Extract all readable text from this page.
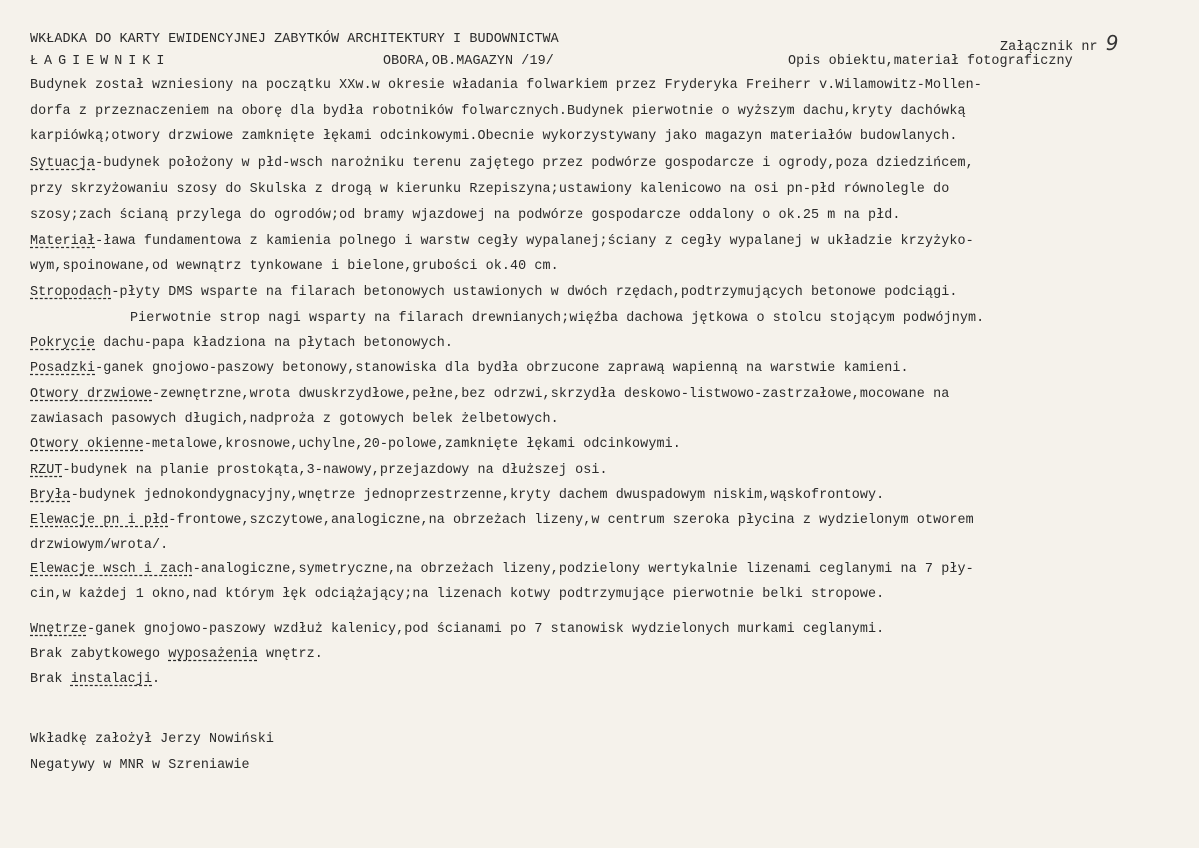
WKŁADKA DO KARTY EWIDENCYJNEJ ZABYTKÓW ARCHITEKTURY I BUDOWNICTWA

Załącznik nr 9

ŁAGIEWNIKI	OBORA,OB.MAGAZYN /19/	Opis obiektu,materiał fotograficzny

Budynek został wzniesiony na początku XXw.w okresie władania folwarkiem przez Fryderyka Freiherr v.Wilamowitz-Mollen-

dorfa z przeznaczeniem na oborę dla bydła robotników folwarcznych.Budynek pierwotnie o wyższym dachu,kryty dachówką

karpiówką;otwory drzwiowe zamknięte łękami odcinkowymi.Obecnie wykorzystywany jako magazyn materiałów budowlanych.

Sytuacja-budynek położony w płd-wsch narożniku terenu zajętego przez podwórze gospodarcze i ogrody,poza dziedzińcem,

przy skrzyżowaniu szosy do Skulska z drogą w kierunku Rzepiszyna;ustawiony kalenicowo na osi pn-płd równolegle do

szosy;zach ścianą przylega do ogrodów;od bramy wjazdowej na podwórze gospodarcze oddalony o ok.25 m na płd.

Materiał-ława fundamentowa z kamienia polnego i warstw cegły wypalanej;ściany z cegły wypalanej w układzie krzyżyko-

wym,spoinowane,od wewnątrz tynkowane i bielone,grubości ok.40 cm.

Stropodach-płyty DMS wsparte na filarach betonowych ustawionych w dwóch rzędach,podtrzymujących betonowe podciągi.

Pierwotnie strop nagi wsparty na filarach drewnianych;więźba dachowa jętkowa o stolcu stojącym podwójnym.

Pokrycie dachu-papa kładziona na płytach betonowych.

Posadzki-ganek gnojowo-paszowy betonowy,stanowiska dla bydła obrzucone zaprawą wapienną na warstwie kamieni.

Otwory drzwiowe-zewnętrzne,wrota dwuskrzydłowe,pełne,bez odrzwi,skrzydła deskowo-listwowo-zastrzałowe,mocowane na

zawiasach pasowych długich,nadproża z gotowych belek żelbetowych.

Otwory okienne-metalowe,krosnowe,uchylne,20-polowe,zamknięte łękami odcinkowymi.

RZUT-budynek na planie prostokąta,3-nawowy,przejazdowy na dłuższej osi.

Bryła-budynek jednokondygnacyjny,wnętrze jednoprzestrzenne,kryty dachem dwuspadowym niskim,wąskofrontowy.

Elewacje pn i płd-frontowe,szczytowe,analogiczne,na obrzeżach lizeny,w centrum szeroka płycina z wydzielonym otworem

drzwiowym/wrota/.

Elewacje wsch i zach-analogiczne,symetryczne,na obrzeżach lizeny,podzielony wertykalnie lizenami ceglanymi na 7 pły-

cin,w każdej 1 okno,nad którym łęk odciążający;na lizenach kotwy podtrzymujące pierwotnie belki stropowe.

Wnętrze-ganek gnojowo-paszowy wzdłuż kalenicy,pod ścianami po 7 stanowisk wydzielonych murkami ceglanymi.

Brak zabytkowego wyposażenia wnętrz.

Brak instalacji.

Wkładkę założył Jerzy Nowiński

Negatywy w MNR w Szreniawie
